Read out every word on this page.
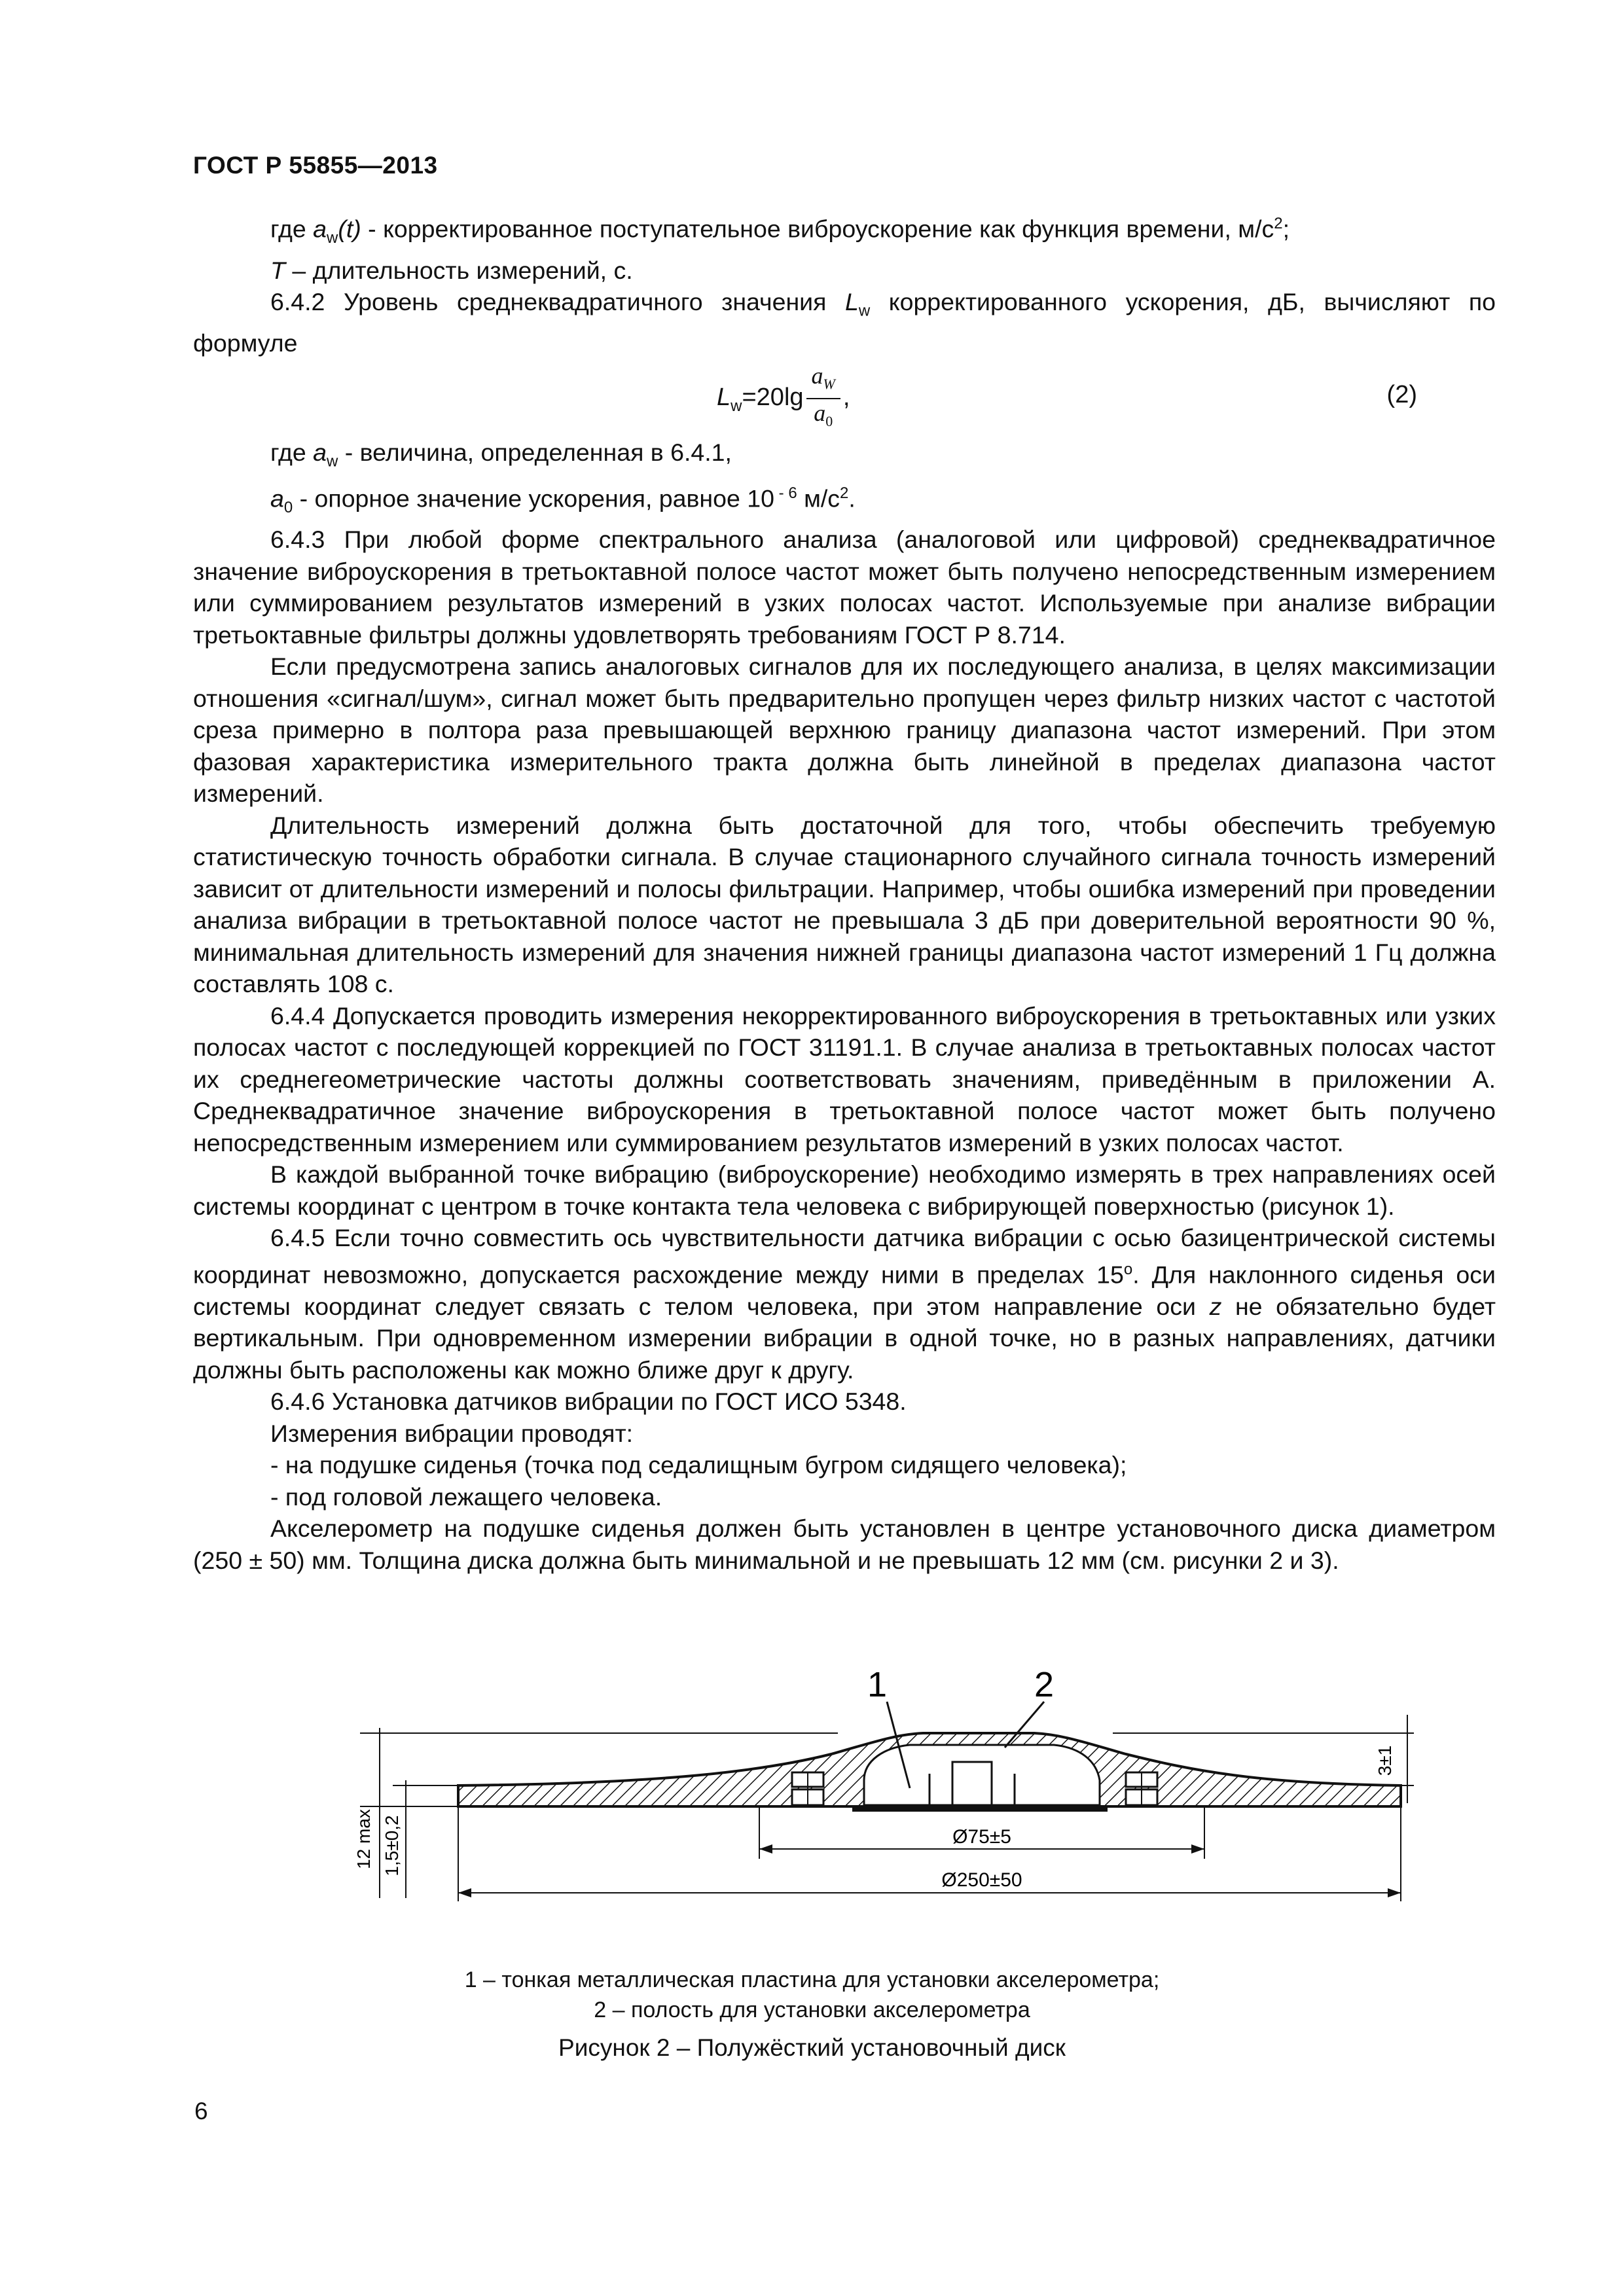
ГОСТ Р 55855—2013

где $a_w(t)$ - корректированное поступательное виброускорение как функция времени, $м/с^2$;

T – длительность измерений, с.

6.4.2 Уровень среднеквадратичного значения $L_w$ корректированного ускорения, дБ, вычисляют по формуле

$L_w=20\lg \frac{a_W}{a_0}$ ,	(2)

где $a_w$ - величина, определенная в 6.4.1,

$a_0$ - опорное значение ускорения, равное 10 $^{- 6}$ $м/с^2$.

6.4.3 При любой форме спектрального анализа (аналоговой или цифровой) среднеквадратичное значение виброускорения в третьоктавной полосе частот может быть получено непосредственным измерением или суммированием результатов измерений в узких полосах частот. Используемые при анализе вибрации третьоктавные фильтры должны удовлетворять требованиям ГОСТ Р 8.714.

Если предусмотрена запись аналоговых сигналов для их последующего анализа, в целях максимизации отношения «сигнал/шум», сигнал может быть предварительно пропущен через фильтр низких частот с частотой среза примерно в полтора раза превышающей верхнюю границу диапазона частот измерений. При этом фазовая характеристика измерительного тракта должна быть линейной в пределах диапазона частот измерений.

Длительность измерений должна быть достаточной для того, чтобы обеспечить требуемую статистическую точность обработки сигнала. В случае стационарного случайного сигнала точность измерений зависит от длительности измерений и полосы фильтрации. Например, чтобы ошибка измерений при проведении анализа вибрации в третьоктавной полосе частот не превышала 3 дБ при доверительной вероятности 90 %, минимальная длительность измерений для значения нижней границы диапазона частот измерений 1 Гц должна составлять 108 с.

6.4.4 Допускается проводить измерения некорректированного виброускорения в третьоктавных или узких полосах частот с последующей коррекцией по ГОСТ 31191.1. В случае анализа в третьоктавных полосах частот их среднегеометрические частоты должны соответствовать значениям, приведённым в приложении А. Среднеквадратичное значение виброускорения в третьоктавной полосе частот может быть получено непосредственным измерением или суммированием результатов измерений в узких полосах частот.

В каждой выбранной точке вибрацию (виброускорение) необходимо измерять в трех направлениях осей системы координат с центром в точке контакта тела человека с вибрирующей поверхностью (рисунок 1).

6.4.5 Если точно совместить ось чувствительности датчика вибрации с осью базицентрической системы координат невозможно, допускается расхождение между ними в пределах 15$^o$. Для наклонного сиденья оси системы координат следует связать с телом человека, при этом направление оси z не обязательно будет вертикальным. При одновременном измерении вибрации в одной точке, но в разных направлениях, датчики должны быть расположены как можно ближе друг к другу.

6.4.6 Установка датчиков вибрации по ГОСТ ИСО 5348.

Измерения вибрации проводят:

- на подушке сиденья (точка под седалищным бугром сидящего человека);

- под головой лежащего человека.

Акселерометр на подушке сиденья должен быть установлен в центре установочного диска диаметром (250 ± 50) мм. Толщина диска должна быть минимальной и не превышать 12 мм (см. рисунки 2 и 3).

1	2
3±1
12 max 1,5±0,2	Ø75±5
Ø250±50
1 – тонкая металлическая пластина для установки акселерометра;
2 – полость для установки акселерометра
Рисунок 2 – Полужёсткий установочный диск
6
